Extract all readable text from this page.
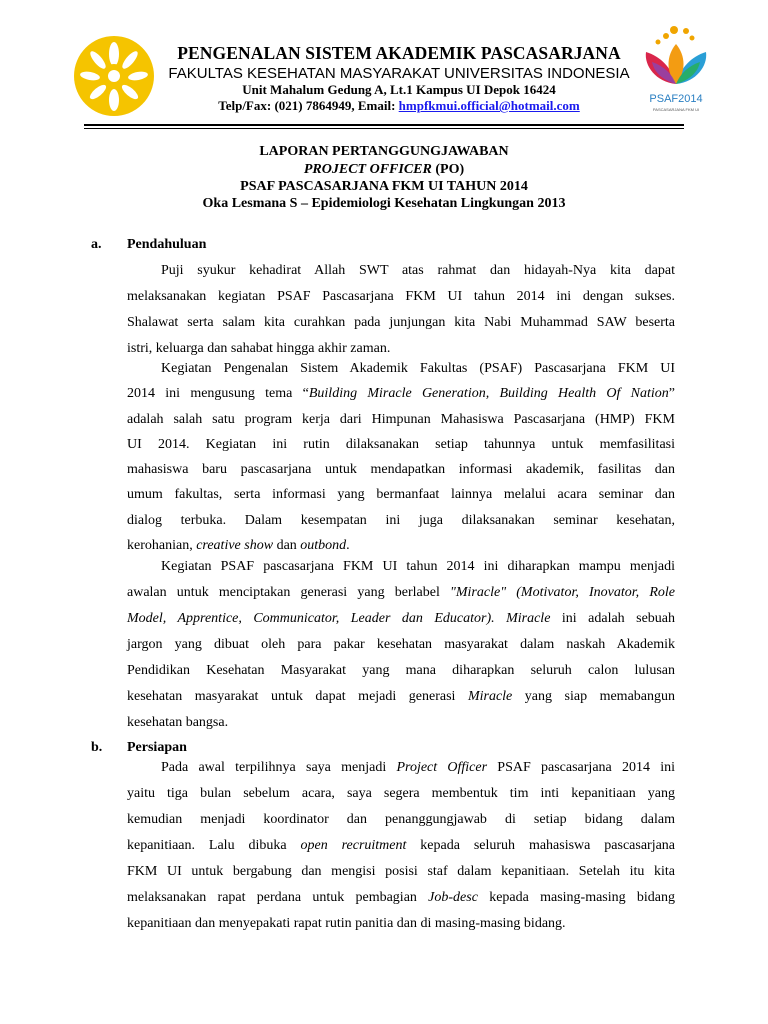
PENGENALAN SISTEM AKADEMIK PASCASARJANA
FAKULTAS KESEHATAN MASYARAKAT UNIVERSITAS INDONESIA
Unit Mahalum Gedung A, Lt.1 Kampus UI Depok 16424
Telp/Fax: (021) 7864949, Email: hmpfkmui.official@hotmail.com	PSAF2014
PASCASARJANA FKM UI
LAPORAN PERTANGGUNGJAWABAN
PROJECT OFFICER (PO)
PSAF PASCASARJANA FKM UI TAHUN 2014
Oka Lesmana S – Epidemiologi Kesehatan Lingkungan 2013
a. Pendahuluan
Puji syukur kehadirat Allah SWT atas rahmat dan hidayah-Nya kita dapat
melaksanakan kegiatan PSAF Pascasarjana FKM UI tahun 2014 ini dengan sukses.
Shalawat serta salam kita curahkan pada junjungan kita Nabi Muhammad SAW beserta
istri, keluarga dan sahabat hingga akhir zaman.
Kegiatan Pengenalan Sistem Akademik Fakultas (PSAF) Pascasarjana FKM UI
2014 ini mengusung tema “Building Miracle Generation, Building Health Of Nation”
adalah salah satu program kerja dari Himpunan Mahasiswa Pascasarjana (HMP) FKM
UI 2014. Kegiatan ini rutin dilaksanakan setiap tahunnya untuk memfasilitasi
mahasiswa baru pascasarjana untuk mendapatkan informasi akademik, fasilitas dan
umum fakultas, serta informasi yang bermanfaat lainnya melalui acara seminar dan
dialog terbuka. Dalam kesempatan ini juga dilaksanakan seminar kesehatan,
kerohanian, creative show dan outbond.
Kegiatan PSAF pascasarjana FKM UI tahun 2014 ini diharapkan mampu menjadi
awalan untuk menciptakan generasi yang berlabel "Miracle" (Motivator, Inovator, Role
Model, Apprentice, Communicator, Leader dan Educator). Miracle ini adalah sebuah
jargon yang dibuat oleh para pakar kesehatan masyarakat dalam naskah Akademik
Pendidikan Kesehatan Masyarakat yang mana diharapkan seluruh calon lulusan
kesehatan masyarakat untuk dapat mejadi generasi Miracle yang siap memabangun
kesehatan bangsa.
b. Persiapan
Pada awal terpilihnya saya menjadi Project Officer PSAF pascasarjana 2014 ini
yaitu tiga bulan sebelum acara, saya segera membentuk tim inti kepanitiaan yang
kemudian menjadi koordinator dan penanggungjawab di setiap bidang dalam
kepanitiaan. Lalu dibuka open recruitment kepada seluruh mahasiswa pascasarjana
FKM UI untuk bergabung dan mengisi posisi staf dalam kepanitiaan. Setelah itu kita
melaksanakan rapat perdana untuk pembagian Job-desc kepada masing-masing bidang
kepanitiaan dan menyepakati rapat rutin panitia dan di masing-masing bidang.
